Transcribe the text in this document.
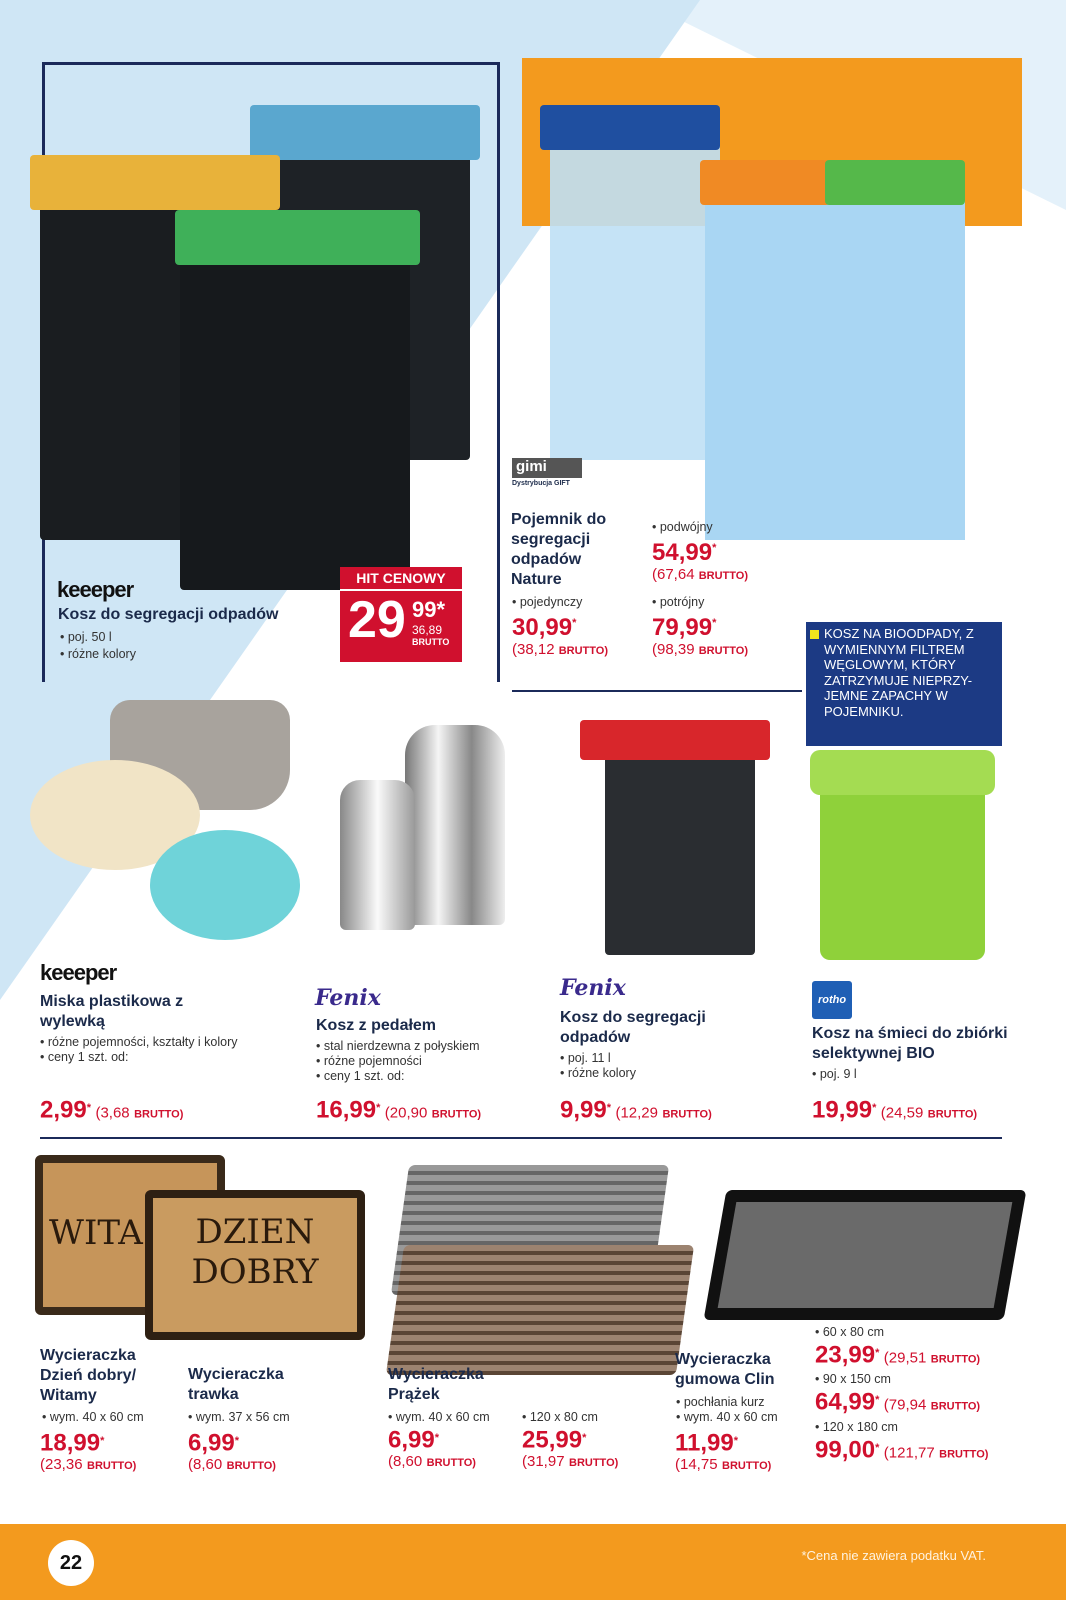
keeeper
Kosz do segregacji odpadów
• poj. 50 l
• różne kolory
HIT CENOWY
29 99*
36,89
BRUTTO
gimi
Dystrybucja GIFT
Pojemnik do segregacji odpadów Nature
• pojedynczy
30,99*
(38,12 BRUTTO)
• podwójny
54,99*
(67,64 BRUTTO)
• potrójny
79,99*
(98,39 BRUTTO)
KOSZ NA BIOODPADY, Z WYMIENNYM FILTREM WĘGLOWYM, KTÓRY ZATRZYMUJE NIEPRZY-JEMNE ZAPACHY W POJEMNIKU.
keeeper
Miska plastikowa z wylewką
• różne pojemności, kształty i kolory
• ceny 1 szt. od:
2,99* (3,68 BRUTTO)
Fenix
Kosz z pedałem
• stal nierdzewna z połyskiem
• różne pojemności
• ceny 1 szt. od:
16,99* (20,90 BRUTTO)
Fenix
Kosz do segregacji odpadów
• poj. 11 l
• różne kolory
9,99* (12,29 BRUTTO)
rotho
Kosz na śmieci do zbiórki selektywnej BIO
• poj. 9 l
19,99* (24,59 BRUTTO)
WITA	DZIEN DOBRY
Wycieraczka Dzień dobry/ Witamy
• wym. 40 x 60 cm
18,99*
(23,36 BRUTTO)
Wycieraczka trawka
• wym. 37 x 56 cm
6,99*
(8,60 BRUTTO)
Wycieraczka Prążek
• wym. 40 x 60 cm
6,99*
(8,60 BRUTTO)
• 120 x 80 cm
25,99*
(31,97 BRUTTO)
Wycieraczka gumowa Clin
• pochłania kurz
• wym. 40 x 60 cm
11,99*
(14,75 BRUTTO)
• 60 x 80 cm
23,99* (29,51 BRUTTO)
• 90 x 150 cm
64,99* (79,94 BRUTTO)
• 120 x 180 cm
99,00* (121,77 BRUTTO)
22	*Cena nie zawiera podatku VAT.
